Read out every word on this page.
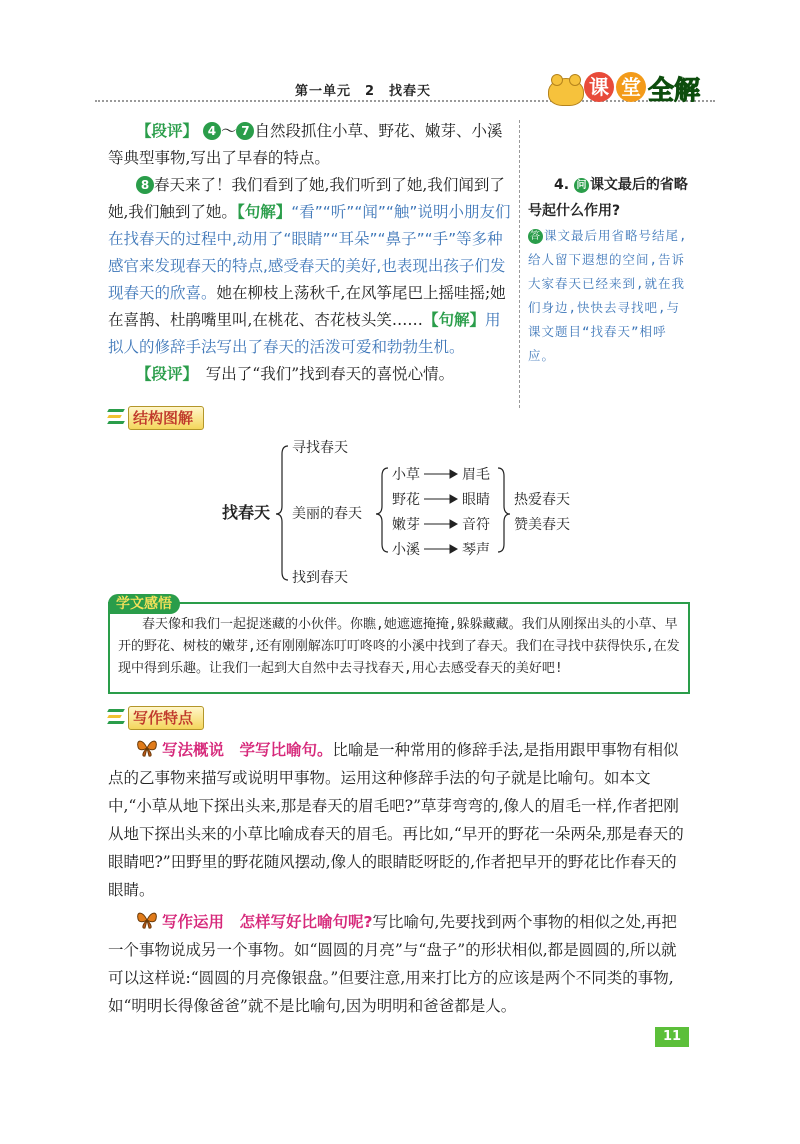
第一单元　2　找春天	课 堂 全解

【段评】 4 ～ 7 自然段抓住小草、野花、嫩芽、小溪等典型事物,写出了早春的特点。

8 春天来了！我们看到了她,我们听到了她,我们闻到了她,我们触到了她。【句解】“看”“听”“闻”“触”说明小朋友们在找春天的过程中,动用了“眼睛”“耳朵”“鼻子”“手”等多种感官来发现春天的特点,感受春天的美好,也表现出孩子们发现春天的欣喜。她在柳枝上荡秋千,在风筝尾巴上摇哇摇;她在喜鹊、杜鹃嘴里叫,在桃花、杏花枝头笑……【句解】用拟人的修辞手法写出了春天的活泼可爱和勃勃生机。

【段评】　 写出了“我们”找到春天的喜悦心情。

4. 问 课文最后的省略号起什么作用?
答 课文最后用省略号结尾,给人留下遐想的空间,告诉大家春天已经来到,就在我们身边,快快去寻找吧,与课文题目“找春天”相呼应。
结构图解
找春天
寻找春天
美丽的春天
找到春天
小草
野花
嫩芽
小溪
眉毛
眼睛
音符
琴声
热爱春天
赞美春天
学文感悟
春天像和我们一起捉迷藏的小伙伴。你瞧,她遮遮掩掩,躲躲藏藏。我们从刚探出头的小草、早开的野花、树枝的嫩芽,还有刚刚解冻叮叮咚咚的小溪中找到了春天。我们在寻找中获得快乐,在发现中得到乐趣。让我们一起到大自然中去寻找春天,用心去感受春天的美好吧!
写作特点

写法概说　 学写比喻句。比喻是一种常用的修辞手法,是指用跟甲事物有相似点的乙事物来描写或说明甲事物。运用这种修辞手法的句子就是比喻句。如本文中,“小草从地下探出头来,那是春天的眉毛吧?”草芽弯弯的,像人的眉毛一样,作者把刚从地下探出头来的小草比喻成春天的眉毛。再比如,“早开的野花一朵两朵,那是春天的眼睛吧?”田野里的野花随风摆动,像人的眼睛眨呀眨的,作者把早开的野花比作春天的眼睛。

写作运用　 怎样写好比喻句呢?写比喻句,先要找到两个事物的相似之处,再把一个事物说成另一个事物。如“圆圆的月亮”与“盘子”的形状相似,都是圆圆的,所以就可以这样说:“圆圆的月亮像银盘。”但要注意,用来打比方的应该是两个不同类的事物,如“明明长得像爸爸”就不是比喻句,因为明明和爸爸都是人。

11
